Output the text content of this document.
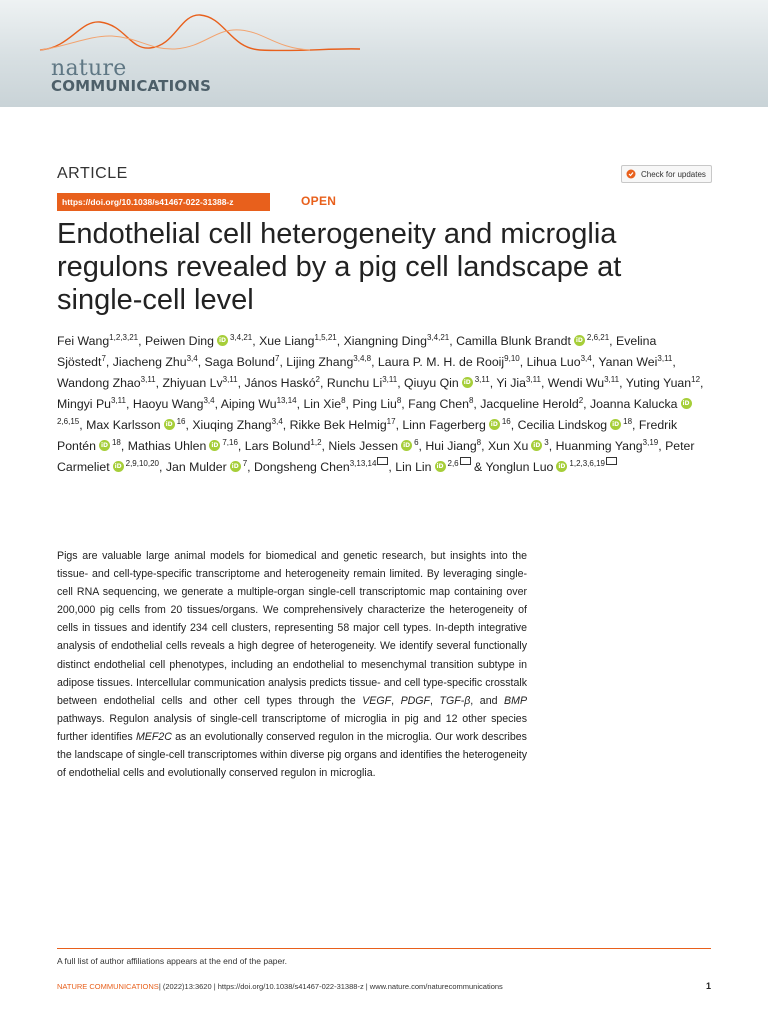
nature
COMMUNICATIONS
ARTICLE	Check for updates
https://doi.org/10.1038/s41467-022-31388-z	OPEN
Endothelial cell heterogeneity and microglia regulons revealed by a pig cell landscape at single-cell level
Fei Wang$^{1,2,3,21}$, Peiwen Ding iD $^{3,4,21}$, Xue Liang$^{1,5,21}$, Xiangning Ding$^{3,4,21}$, Camilla Blunk Brandt iD $^{2,6,21}$, Evelina Sjöstedt$^7$, Jiacheng Zhu$^{3,4}$, Saga Bolund$^7$, Lijing Zhang$^{3,4,8}$, Laura P. M. H. de Rooij$^{9,10}$, Lihua Luo$^{3,4}$, Yanan Wei$^{3,11}$, Wandong Zhao$^{3,11}$, Zhiyuan Lv$^{3,11}$, János Haskó$^2$, Runchu Li$^{3,11}$, Qiuyu Qin iD $^{3,11}$, Yi Jia$^{3,11}$, Wendi Wu$^{3,11}$, Yuting Yuan$^{12}$, Mingyi Pu$^{3,11}$, Haoyu Wang$^{3,4}$, Aiping Wu$^{13,14}$, Lin Xie$^8$, Ping Liu$^8$, Fang Chen$^8$, Jacqueline Herold$^2$, Joanna Kalucka iD$^{2,6,15}$, Max Karlsson iD $^{16}$, Xiuqing Zhang$^{3,4}$, Rikke Bek Helmig$^{17}$, Linn Fagerberg iD $^{16}$, Cecilia Lindskog iD $^{18}$, Fredrik Pontén iD $^{18}$, Mathias Uhlen iD $^{7,16}$, Lars Bolund$^{1,2}$, Niels Jessen iD $^6$, Hui Jiang$^8$, Xun Xu iD $^3$, Huanming Yang$^{3,19}$, Peter Carmeliet iD $^{2,9,10,20}$, Jan Mulder iD $^7$, Dongsheng Chen$^{3,13,14}$ , Lin Lin iD $^{2,6}$ & Yonglun Luo iD $^{1,2,3,6,19}$

Pigs are valuable large animal models for biomedical and genetic research, but insights into the tissue- and cell-type-specific transcriptome and heterogeneity remain limited. By leveraging single-cell RNA sequencing, we generate a multiple-organ single-cell transcriptomic map containing over 200,000 pig cells from 20 tissues/organs. We comprehensively characterize the heterogeneity of cells in tissues and identify 234 cell clusters, representing 58 major cell types. In-depth integrative analysis of endothelial cells reveals a high degree of heterogeneity. We identify several functionally distinct endothelial cell phenotypes, including an endothelial to mesenchymal transition subtype in adipose tissues. Intercellular communication analysis predicts tissue- and cell type-specific crosstalk between endothelial cells and other cell types through the VEGF, PDGF, TGF-β, and BMP pathways. Regulon analysis of single-cell transcriptome of microglia in pig and 12 other species further identifies MEF2C as an evolutionally conserved regulon in the microglia. Our work describes the landscape of single-cell transcriptomes within diverse pig organs and identifies the heterogeneity of endothelial cells and evolutionally conserved regulon in microglia.

A full list of author affiliations appears at the end of the paper.
NATURE COMMUNICATIONS| (2022)13:3620 | https://doi.org/10.1038/s41467-022-31388-z | www.nature.com/naturecommunications	1
